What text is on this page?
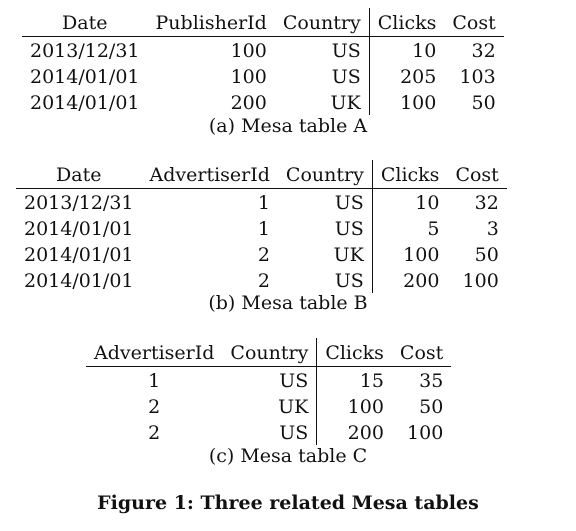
Date	PublisherId	Country	Clicks	Cost
2013/12/31	100	US	10	32
2014/01/01	100	US	205	103
2014/01/01	200	UK	100	50
(a) Mesa table A
Date	AdvertiserId	Country	Clicks	Cost
2013/12/31	1	US	10	32
2014/01/01	1	US	5	3
2014/01/01	2	UK	100	50
2014/01/01	2	US	200	100
(b) Mesa table B
AdvertiserId	Country	Clicks	Cost
1	US	15	35
2	UK	100	50
2	US	200	100
(c) Mesa table C
Figure 1: Three related Mesa tables
